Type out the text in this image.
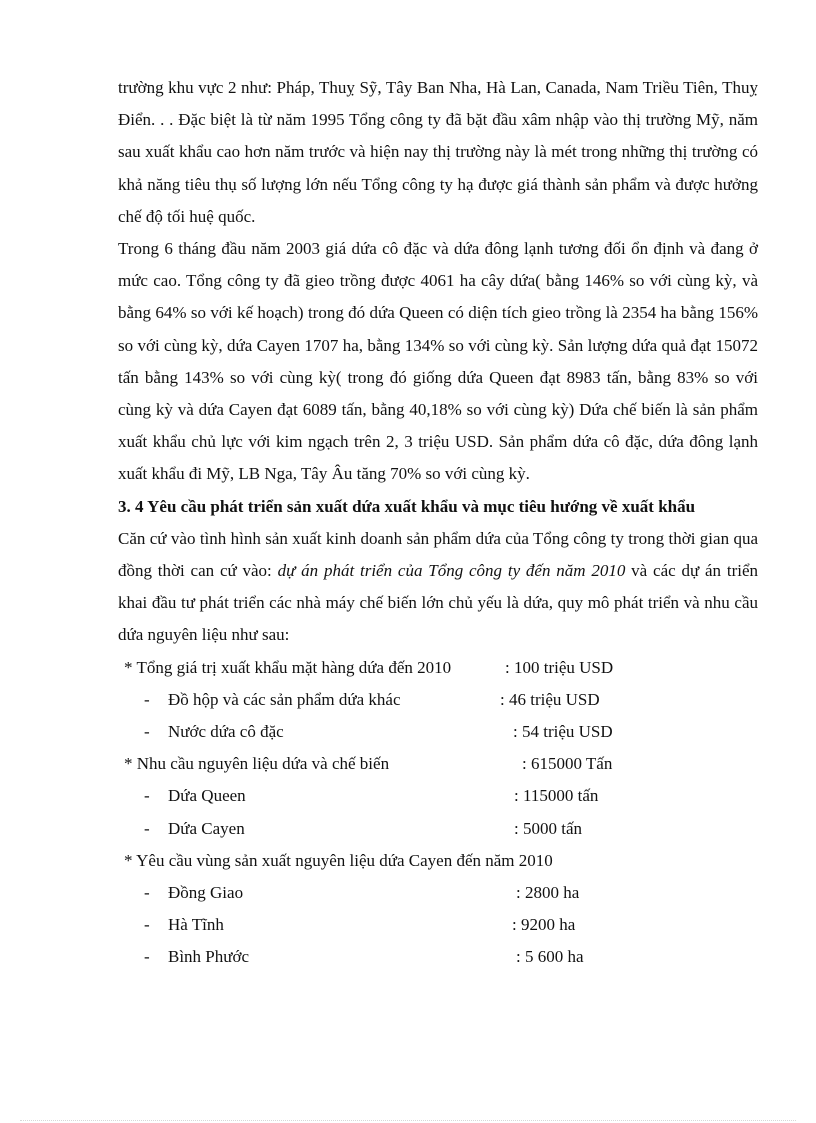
trường khu vực 2 như: Pháp, Thuỵ Sỹ, Tây Ban Nha, Hà Lan, Canada, Nam Triều Tiên, Thuỵ Điển. . . Đặc biệt là từ năm 1995 Tổng công ty đã bặt đầu xâm nhập vào thị trường Mỹ, năm sau xuất khẩu cao hơn năm trước và hiện nay thị trường này là mét trong những thị trường có khả năng tiêu thụ số lượng lớn nếu Tổng công ty hạ được giá thành sản phẩm và được hưởng chế độ tối huệ quốc.

Trong 6 tháng đầu năm 2003 giá dứa cô đặc và dứa đông lạnh tương đối ổn định và đang ở mức cao. Tổng công ty đã gieo trồng được 4061 ha cây dứa( bằng 146% so với cùng kỳ, và bằng 64% so với kế hoạch) trong đó dứa Queen có diện tích gieo trồng là 2354 ha bằng 156% so với cùng kỳ, dứa Cayen 1707 ha, bằng 134% so với cùng kỳ. Sản lượng dứa quả đạt 15072 tấn bằng 143% so với cùng kỳ( trong đó giống dứa Queen đạt 8983 tấn, bằng 83% so với cùng kỳ và dứa Cayen đạt 6089 tấn, bằng 40,18% so với cùng kỳ) Dứa chế biến là sản phẩm xuất khẩu chủ lực với kim ngạch trên 2, 3 triệu USD. Sản phẩm dứa cô đặc, dứa đông lạnh xuất khẩu đi Mỹ, LB Nga, Tây Âu tăng 70% so với cùng kỳ.

3. 4 Yêu cầu phát triển sản xuất dứa xuất khẩu và mục tiêu hướng về xuất khẩu

Căn cứ vào tình hình sản xuất kinh doanh sản phẩm dứa của Tổng công ty trong thời gian qua đồng thời can cứ vào: dự án phát triển của Tổng công ty đến năm 2010 và các dự án triển khai đầu tư phát triển các nhà máy chế biến lớn chủ yếu là dứa, quy mô phát triển và nhu cầu dứa nguyên liệu như sau:

* Tổng giá trị xuất khẩu mặt hàng dứa đến 2010	: 100 triệu USD
- Đồ hộp và các sản phẩm dứa khác	: 46 triệu USD
- Nước dứa cô đặc	: 54 triệu USD
* Nhu cầu nguyên liệu dứa và chế biến	: 615000 Tấn
- Dứa Queen	: 115000 tấn
- Dứa Cayen	: 5000 tấn
* Yêu cầu vùng sản xuất nguyên liệu dứa Cayen đến năm 2010
- Đồng Giao	: 2800 ha
- Hà Tĩnh	: 9200 ha
- Bình Phước	: 5 600 ha
